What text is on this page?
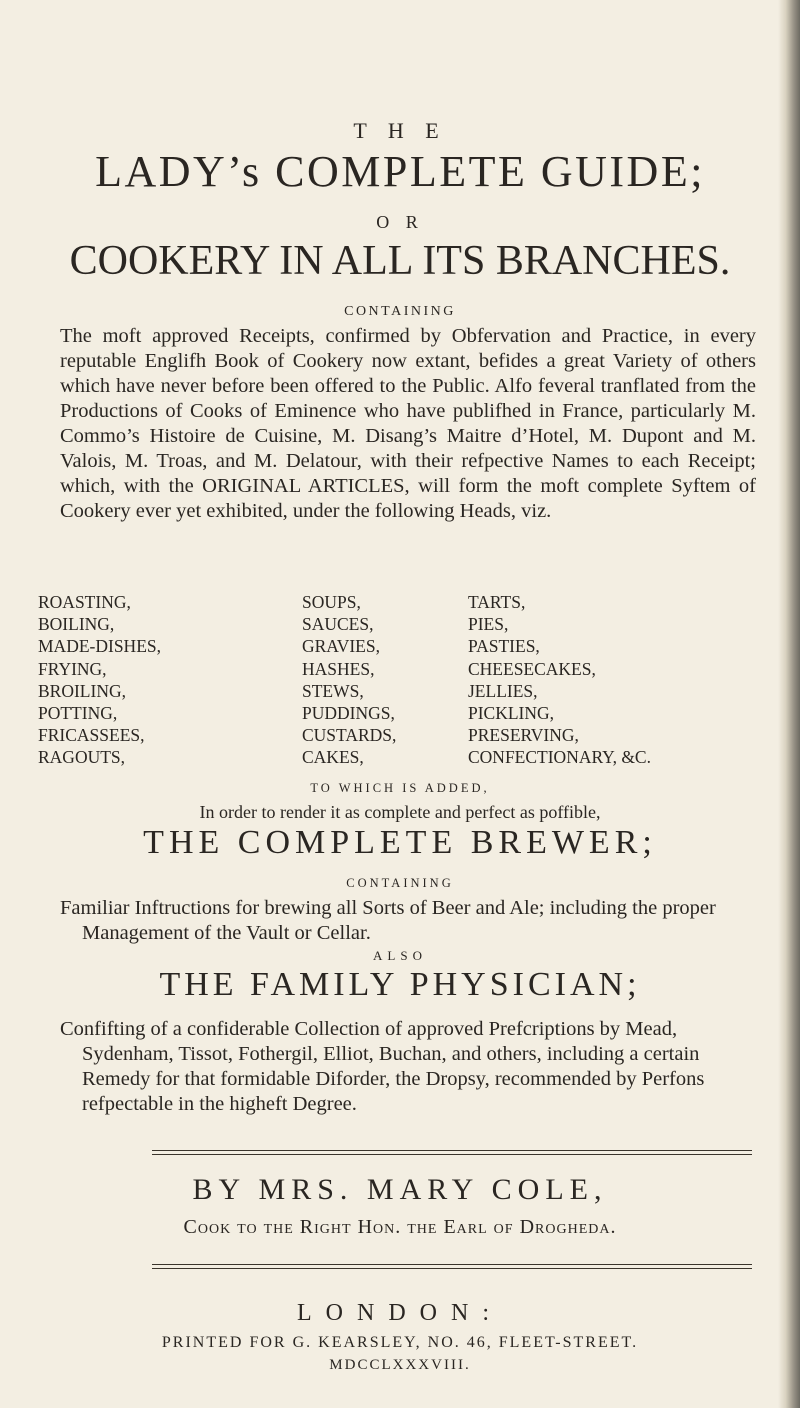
T H E
LADY’s COMPLETE GUIDE;
O R
COOKERY IN ALL ITS BRANCHES.
CONTAINING

The moft approved Receipts, confirmed by Obfervation and Practice, in every reputable Englifh Book of Cookery now extant, befides a great Variety of others which have never before been offered to the Public. Alfo feveral tranflated from the Productions of Cooks of Eminence who have publifhed in France, particularly M. Commo’s Histoire de Cuisine, M. Disang’s Maitre d’Hotel, M. Dupont and M. Valois, M. Troas, and M. Delatour, with their refpective Names to each Receipt; which, with the ORIGINAL ARTICLES, will form the moft complete Syftem of Cookery ever yet exhibited, under the following Heads, viz.

ROASTING,
BOILING,
MADE-DISHES,
FRYING,
BROILING,
POTTING,
FRICASSEES,
RAGOUTS,
SOUPS,
SAUCES,
GRAVIES,
HASHES,
STEWS,
PUDDINGS,
CUSTARDS,
CAKES,
TARTS,
PIES,
PASTIES,
CHEESECAKES,
JELLIES,
PICKLING,
PRESERVING,
CONFECTIONARY, &C.
TO WHICH IS ADDED,
In order to render it as complete and perfect as poffible,
THE COMPLETE BREWER;
CONTAINING

Familiar Inftructions for brewing all Sorts of Beer and Ale; including the proper Management of the Vault or Cellar.

ALSO
THE FAMILY PHYSICIAN;

Confifting of a confiderable Collection of approved Prefcriptions by Mead, Sydenham, Tissot, Fothergil, Elliot, Buchan, and others, including a certain Remedy for that formidable Diforder, the Dropsy, recommended by Perfons refpectable in the higheft Degree.

BY MRS. MARY COLE,
Cook to the Right Hon. the Earl of Drogheda.
LONDON:
PRINTED FOR G. KEARSLEY, NO. 46, FLEET-STREET.
MDCCLXXXVIII.
